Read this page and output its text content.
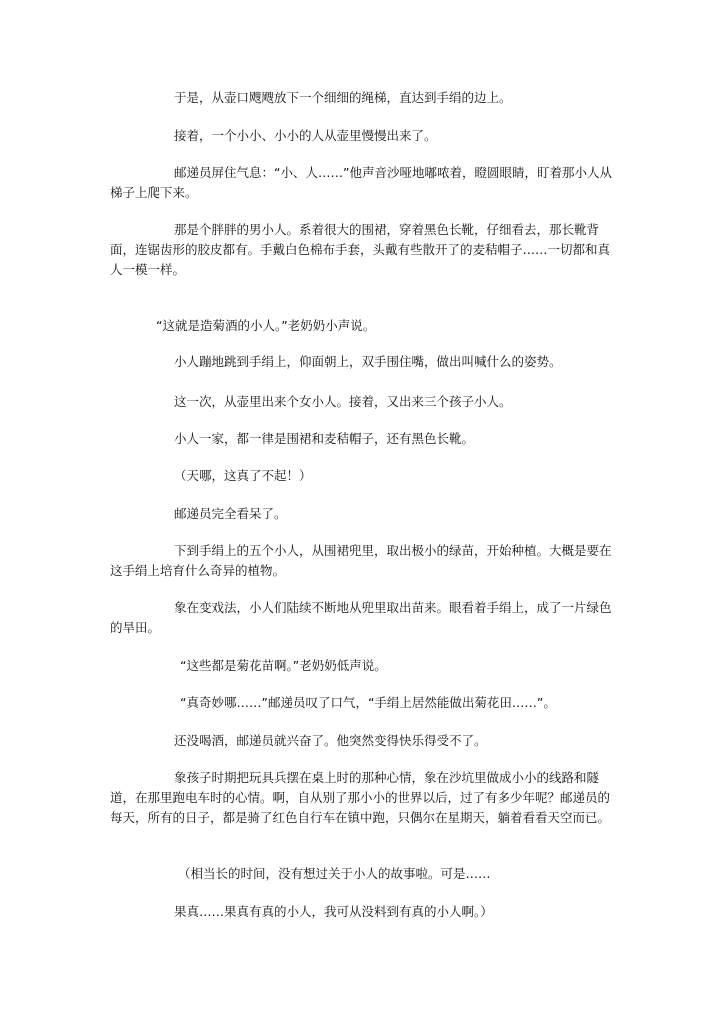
于是，从壶口飕飕放下一个细细的绳梯，直达到手绢的边上。

接着，一个小小、小小的人从壶里慢慢出来了。

邮递员屏住气息：“小、人……”他声音沙哑地嘟哝着，瞪圆眼睛，盯着那小人从梯子上爬下来。

那是个胖胖的男小人。系着很大的围裙，穿着黑色长靴，仔细看去，那长靴背面，连锯齿形的胶皮都有。手戴白色棉布手套，头戴有些散开了的麦秸帽子……一切都和真人一模一样。

“这就是造菊酒的小人。”老奶奶小声说。

小人蹦地跳到手绢上，仰面朝上，双手围住嘴，做出叫喊什么的姿势。

这一次，从壶里出来个女小人。接着，又出来三个孩子小人。

小人一家，都一律是围裙和麦秸帽子，还有黑色长靴。

（天哪，这真了不起！）

邮递员完全看呆了。

下到手绢上的五个小人，从围裙兜里，取出极小的绿苗，开始种植。大概是要在这手绢上培育什么奇异的植物。

象在变戏法，小人们陆续不断地从兜里取出苗来。眼看着手绢上，成了一片绿色的旱田。

“这些都是菊花苗啊。”老奶奶低声说。

“真奇妙哪……”邮递员叹了口气，“手绢上居然能做出菊花田……”。

还没喝酒，邮递员就兴奋了。他突然变得快乐得受不了。

象孩子时期把玩具兵摆在桌上时的那种心情，象在沙坑里做成小小的线路和隧道，在那里跑电车时的心情。啊，自从别了那小小的世界以后，过了有多少年呢？邮递员的每天，所有的日子，都是骑了红色自行车在镇中跑，只偶尔在星期天，躺着看看天空而已。

（相当长的时间，没有想过关于小人的故事啦。可是……

果真……果真有真的小人，我可从没料到有真的小人啊。）
